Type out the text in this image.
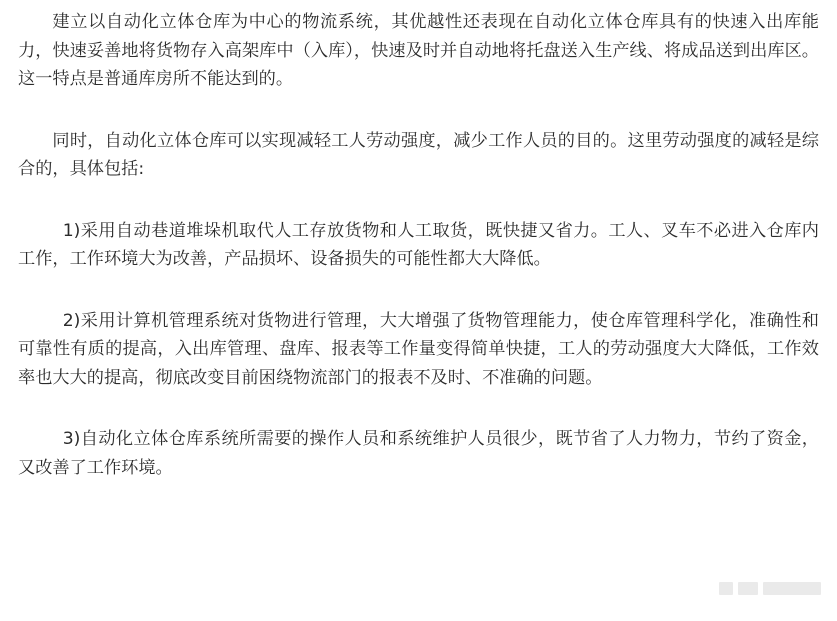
建立以自动化立体仓库为中心的物流系统，其优越性还表现在自动化立体仓库具有的快速入出库能力，快速妥善地将货物存入高架库中（入库），快速及时并自动地将托盘送入生产线、将成品送到出库区。这一特点是普通库房所不能达到的。

同时，自动化立体仓库可以实现减轻工人劳动强度，减少工作人员的目的。这里劳动强度的减轻是综合的，具体包括:

1)采用自动巷道堆垛机取代人工存放货物和人工取货，既快捷又省力。工人、叉车不必进入仓库内工作，工作环境大为改善，产品损坏、设备损失的可能性都大大降低。

2)采用计算机管理系统对货物进行管理，大大增强了货物管理能力，使仓库管理科学化，准确性和可靠性有质的提高，入出库管理、盘库、报表等工作量变得简单快捷，工人的劳动强度大大降低，工作效率也大大的提高，彻底改变目前困绕物流部门的报表不及时、不准确的问题。

3)自动化立体仓库系统所需要的操作人员和系统维护人员很少，既节省了人力物力，节约了资金，又改善了工作环境。
